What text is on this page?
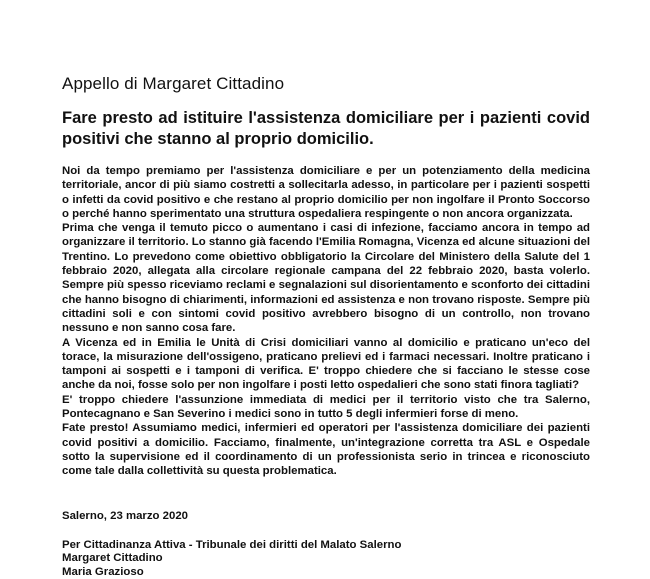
Appello di Margaret Cittadino
Fare presto ad istituire l'assistenza domiciliare per i pazienti covid positivi che stanno al proprio domicilio.

Noi da tempo premiamo per l'assistenza domiciliare e per un potenziamento della medicina territoriale, ancor di più siamo costretti a sollecitarla adesso, in particolare per i pazienti sospetti o infetti da covid positivo e che restano al proprio domicilio per non ingolfare il Pronto Soccorso o perché hanno sperimentato una struttura ospedaliera respingente o non ancora organizzata.

Prima che venga il temuto picco o aumentano i casi di infezione, facciamo ancora in tempo ad organizzare il territorio. Lo stanno già facendo l'Emilia Romagna, Vicenza ed alcune situazioni del Trentino. Lo prevedono come obiettivo obbligatorio la Circolare del Ministero della Salute del 1 febbraio 2020, allegata alla circolare regionale campana del 22 febbraio 2020, basta volerlo. Sempre più spesso riceviamo reclami e segnalazioni sul disorientamento e sconforto dei cittadini che hanno bisogno di chiarimenti, informazioni ed assistenza e non trovano risposte. Sempre più cittadini soli e con sintomi covid positivo avrebbero bisogno di un controllo, non trovano nessuno e non sanno cosa fare.

A Vicenza ed in Emilia le Unità di Crisi domiciliari vanno al domicilio e praticano un'eco del torace, la misurazione dell'ossigeno, praticano prelievi ed i farmaci necessari. Inoltre praticano i tamponi ai sospetti e i tamponi di verifica. E' troppo chiedere che si facciano le stesse cose anche da noi, fosse solo per non ingolfare i posti letto ospedalieri che sono stati finora tagliati?

E' troppo chiedere l'assunzione immediata di medici per il territorio visto che tra Salerno, Pontecagnano e San Severino i medici sono in tutto 5 degli infermieri forse di meno.

Fate presto! Assumiamo medici, infermieri ed operatori per l'assistenza domiciliare dei pazienti covid positivi a domicilio. Facciamo, finalmente, un'integrazione corretta tra ASL e Ospedale sotto la supervisione ed il coordinamento di un professionista serio in trincea e riconosciuto come tale dalla collettività su questa problematica.

Salerno, 23 marzo 2020
Per Cittadinanza Attiva - Tribunale dei diritti del Malato Salerno
Margaret Cittadino
Maria Grazioso
